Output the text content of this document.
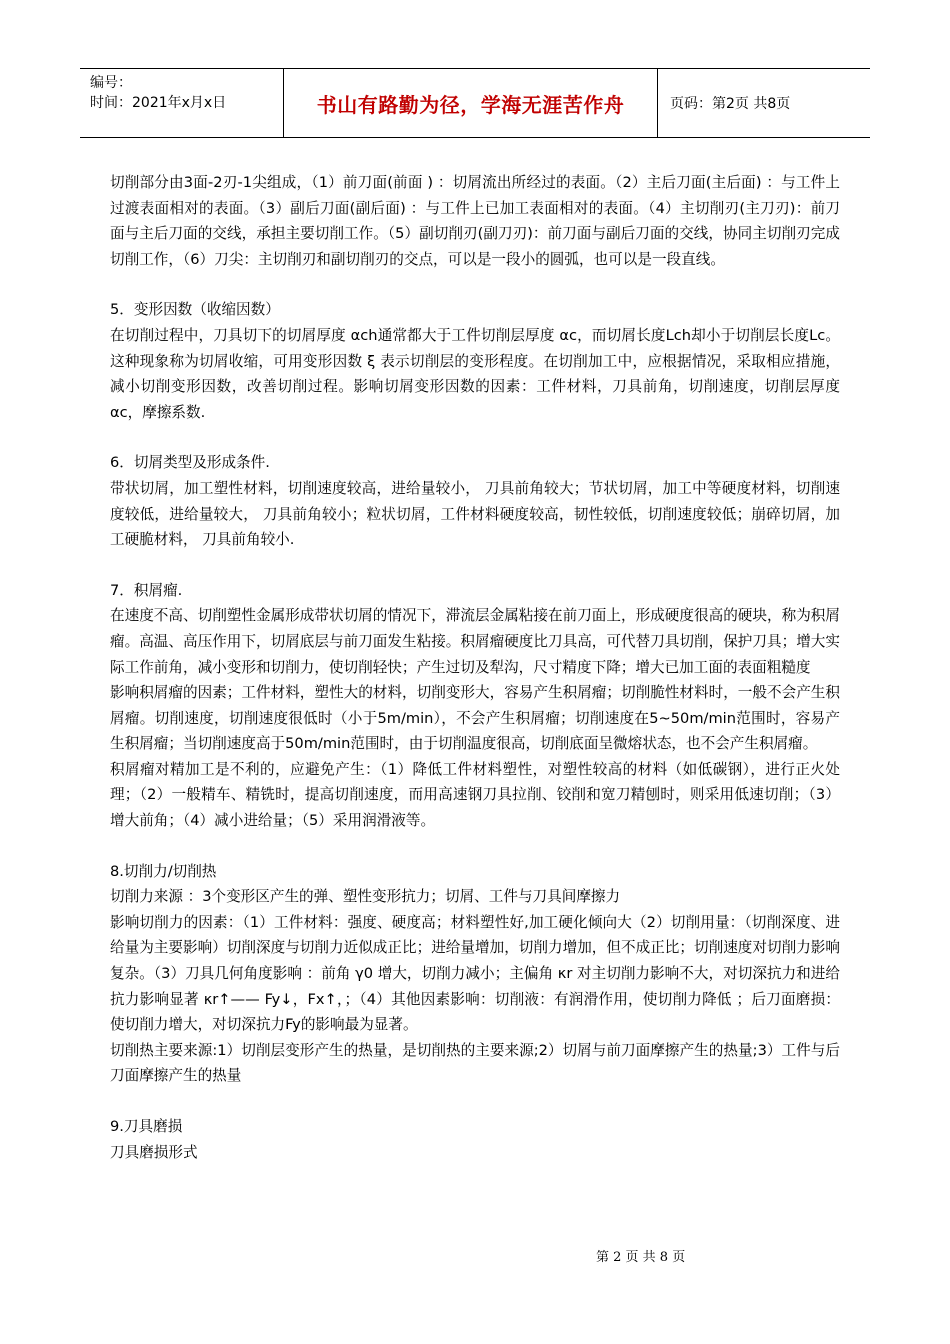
编号：
时间：2021年x月x日	书山有路勤为径，学海无涯苦作舟	页码：第2页 共8页

切削部分由3面-2刃-1尖组成，（1）前刀面(前面 ) ：切屑流出所经过的表面。（2）主后刀面(主后面) ：与工件上过渡表面相对的表面。（3）副后刀面(副后面) ：与工件上已加工表面相对的表面。（4）主切削刃(主刀刃)：前刀面与主后刀面的交线，承担主要切削工作。（5）副切削刃(副刀刃)：前刀面与副后刀面的交线，协同主切削刃完成切削工作，（6）刀尖：主切削刃和副切削刃的交点，可以是一段小的圆弧，也可以是一段直线。

5．变形因数（收缩因数）

在切削过程中，刀具切下的切屑厚度 αch通常都大于工件切削层厚度 αc，而切屑长度Lch却小于切削层长度Lc。这种现象称为切屑收缩，可用变形因数 ξ 表示切削层的变形程度。在切削加工中，应根据情况，采取相应措施，减小切削变形因数，改善切削过程。影响切屑变形因数的因素：工件材料，刀具前角，切削速度，切削层厚度αc，摩擦系数.

6．切屑类型及形成条件.

带状切屑，加工塑性材料，切削速度较高，进给量较小， 刀具前角较大；节状切屑，加工中等硬度材料，切削速度较低，进给量较大， 刀具前角较小；粒状切屑，工件材料硬度较高，韧性较低，切削速度较低；崩碎切屑，加工硬脆材料， 刀具前角较小.

7．积屑瘤.

在速度不高、切削塑性金属形成带状切屑的情况下，滞流层金属粘接在前刀面上，形成硬度很高的硬块，称为积屑瘤。高温、高压作用下，切屑底层与前刀面发生粘接。积屑瘤硬度比刀具高，可代替刀具切削，保护刀具；增大实际工作前角，减小变形和切削力，使切削轻快；产生过切及犁沟，尺寸精度下降；增大已加工面的表面粗糙度

影响积屑瘤的因素；工件材料，塑性大的材料，切削变形大，容易产生积屑瘤；切削脆性材料时，一般不会产生积屑瘤。切削速度，切削速度很低时（小于5m/min），不会产生积屑瘤；切削速度在5~50m/min范围时，容易产生积屑瘤；当切削速度高于50m/min范围时，由于切削温度很高，切削底面呈微熔状态，也不会产生积屑瘤。

积屑瘤对精加工是不利的，应避免产生：（1）降低工件材料塑性，对塑性较高的材料（如低碳钢），进行正火处理；（2）一般精车、精铣时，提高切削速度，而用高速钢刀具拉削、铰削和宽刀精刨时，则采用低速切削；（3）增大前角；（4）减小进给量；（5）采用润滑液等。

8.切削力/切削热

切削力来源 ：3个变形区产生的弹、塑性变形抗力；切屑、工件与刀具间摩擦力

影响切削力的因素：（1）工件材料：强度、硬度高；材料塑性好,加工硬化倾向大（2）切削用量：（切削深度、进给量为主要影响）切削深度与切削力近似成正比；进给量增加，切削力增加，但不成正比；切削速度对切削力影响复杂。（3）刀具几何角度影响 ：前角 γ0 增大，切削力减小；主偏角 κr 对主切削力影响不大，对切深抗力和进给抗力影响显著 κr↑—— Fy↓，Fx↑，；（4）其他因素影响：切削液：有润滑作用，使切削力降低 ；后刀面磨损：使切削力增大，对切深抗力Fy的影响最为显著。

切削热主要来源:1）切削层变形产生的热量，是切削热的主要来源;2）切屑与前刀面摩擦产生的热量;3）工件与后刀面摩擦产生的热量

9.刀具磨损

刀具磨损形式

第 2 页 共 8 页
